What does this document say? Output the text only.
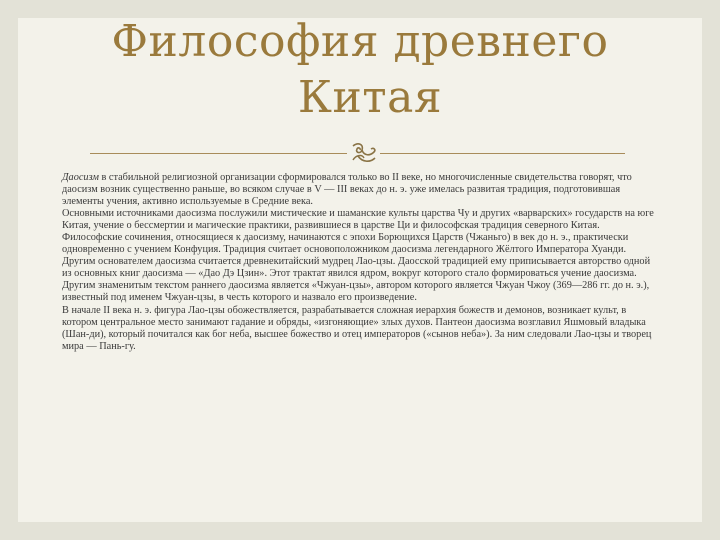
Философия древнего
Китая

Даосизм в стабильной религиозной организации сформировался только во II веке, но многочисленные свидетельства говорят, что даосизм возник существенно раньше, во всяком случае в V — III веках до н. э. уже имелась развитая традиция, подготовившая элементы учения, активно используемые в Средние века.

Основными источниками даосизма послужили мистические и шаманские культы царства Чу и других «варварских» государств на юге Китая, учение о бессмертии и магические практики, развившиеся в царстве Ци и философская традиция северного Китая.

Философские сочинения, относящиеся к даосизму, начинаются с эпохи Борющихся Царств (Чжаньго) в век до н. э., практически одновременно с учением Конфуция. Традиция считает основоположником даосизма легендарного Жёлтого Императора Хуанди.

Другим основателем даосизма считается древнекитайский мудрец Лао-цзы. Даосской традицией ему приписывается авторство одной из основных книг даосизма — «Дао Дэ Цзин». Этот трактат явился ядром, вокруг которого стало формироваться учение даосизма.

Другим знаменитым текстом раннего даосизма является «Чжуан-цзы», автором которого является Чжуан Чжоу (369—286 гг. до н. э.), известный под именем Чжуан-цзы, в честь которого и назвало его произведение.

В начале II века н. э. фигура Лао-цзы обожествляется, разрабатывается сложная иерархия божеств и демонов, возникает культ, в котором центральное место занимают гадание и обряды, «изгоняющие» злых духов. Пантеон даосизма возглавил Яшмовый владыка (Шан-ди), который почитался как бог неба, высшее божество и отец императоров («сынов неба»). За ним следовали Лао-цзы и творец мира — Пань-гу.
